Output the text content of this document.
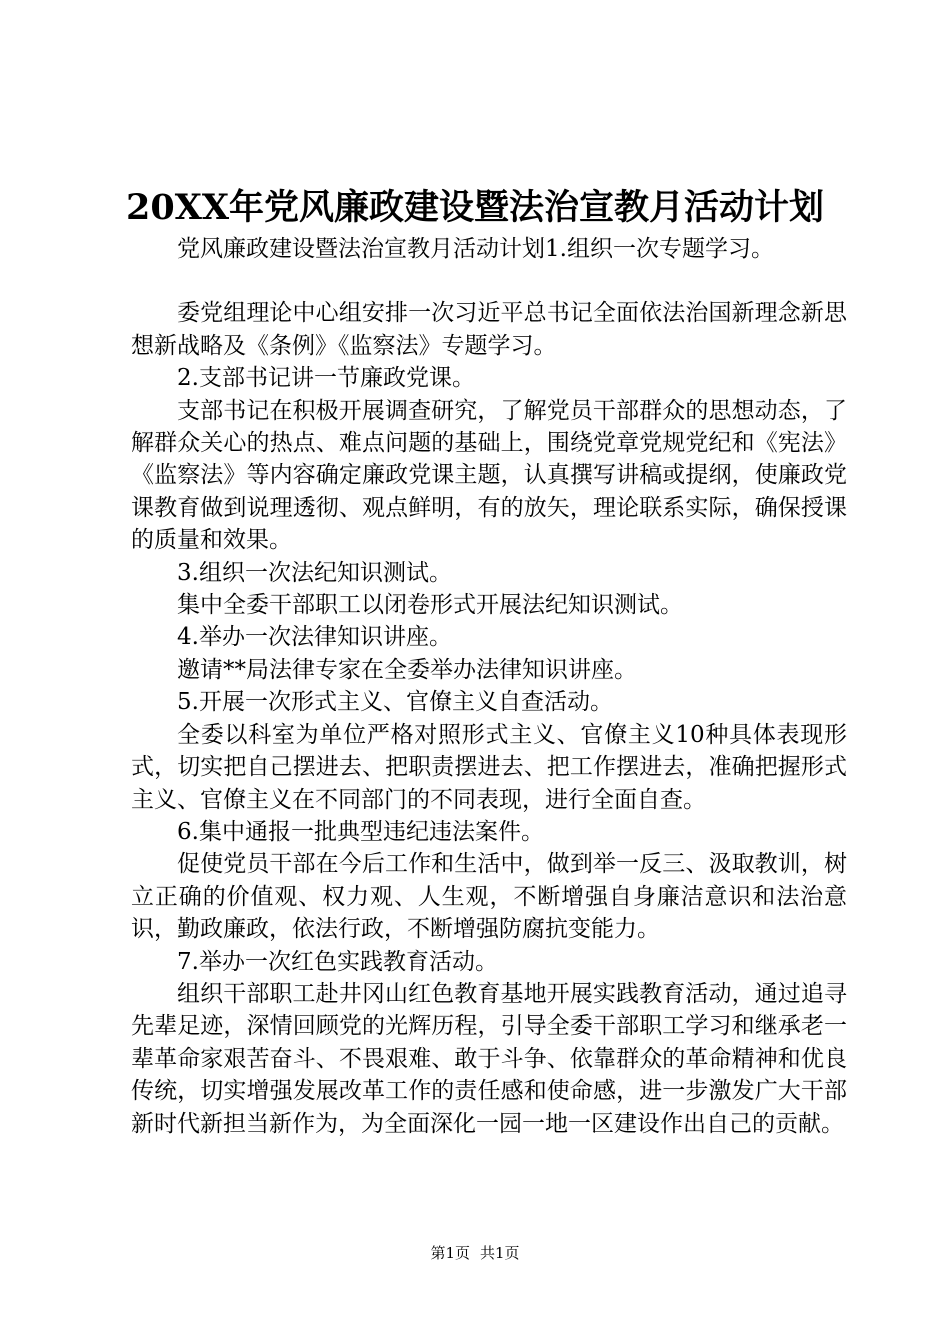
20XX年党风廉政建设暨法治宣教月活动计划

党风廉政建设暨法治宣教月活动计划1.组织一次专题学习。

委党组理论中心组安排一次习近平总书记全面依法治国新理念新思想新战略及《条例》《监察法》专题学习。

2.支部书记讲一节廉政党课。

支部书记在积极开展调查研究，了解党员干部群众的思想动态，了解群众关心的热点、难点问题的基础上，围绕党章党规党纪和《宪法》《监察法》等内容确定廉政党课主题，认真撰写讲稿或提纲，使廉政党课教育做到说理透彻、观点鲜明，有的放矢，理论联系实际，确保授课的质量和效果。

3.组织一次法纪知识测试。

集中全委干部职工以闭卷形式开展法纪知识测试。

4.举办一次法律知识讲座。

邀请**局法律专家在全委举办法律知识讲座。

5.开展一次形式主义、官僚主义自查活动。

全委以科室为单位严格对照形式主义、官僚主义10种具体表现形式，切实把自己摆进去、把职责摆进去、把工作摆进去，准确把握形式主义、官僚主义在不同部门的不同表现，进行全面自查。

6.集中通报一批典型违纪违法案件。

促使党员干部在今后工作和生活中，做到举一反三、汲取教训，树立正确的价值观、权力观、人生观，不断增强自身廉洁意识和法治意识，勤政廉政，依法行政，不断增强防腐抗变能力。

7.举办一次红色实践教育活动。

组织干部职工赴井冈山红色教育基地开展实践教育活动，通过追寻先辈足迹，深情回顾党的光辉历程，引导全委干部职工学习和继承老一辈革命家艰苦奋斗、不畏艰难、敢于斗争、依靠群众的革命精神和优良传统，切实增强发展改革工作的责任感和使命感，进一步激发广大干部新时代新担当新作为，为全面深化一园一地一区建设作出自己的贡献。

第1页 共1页
